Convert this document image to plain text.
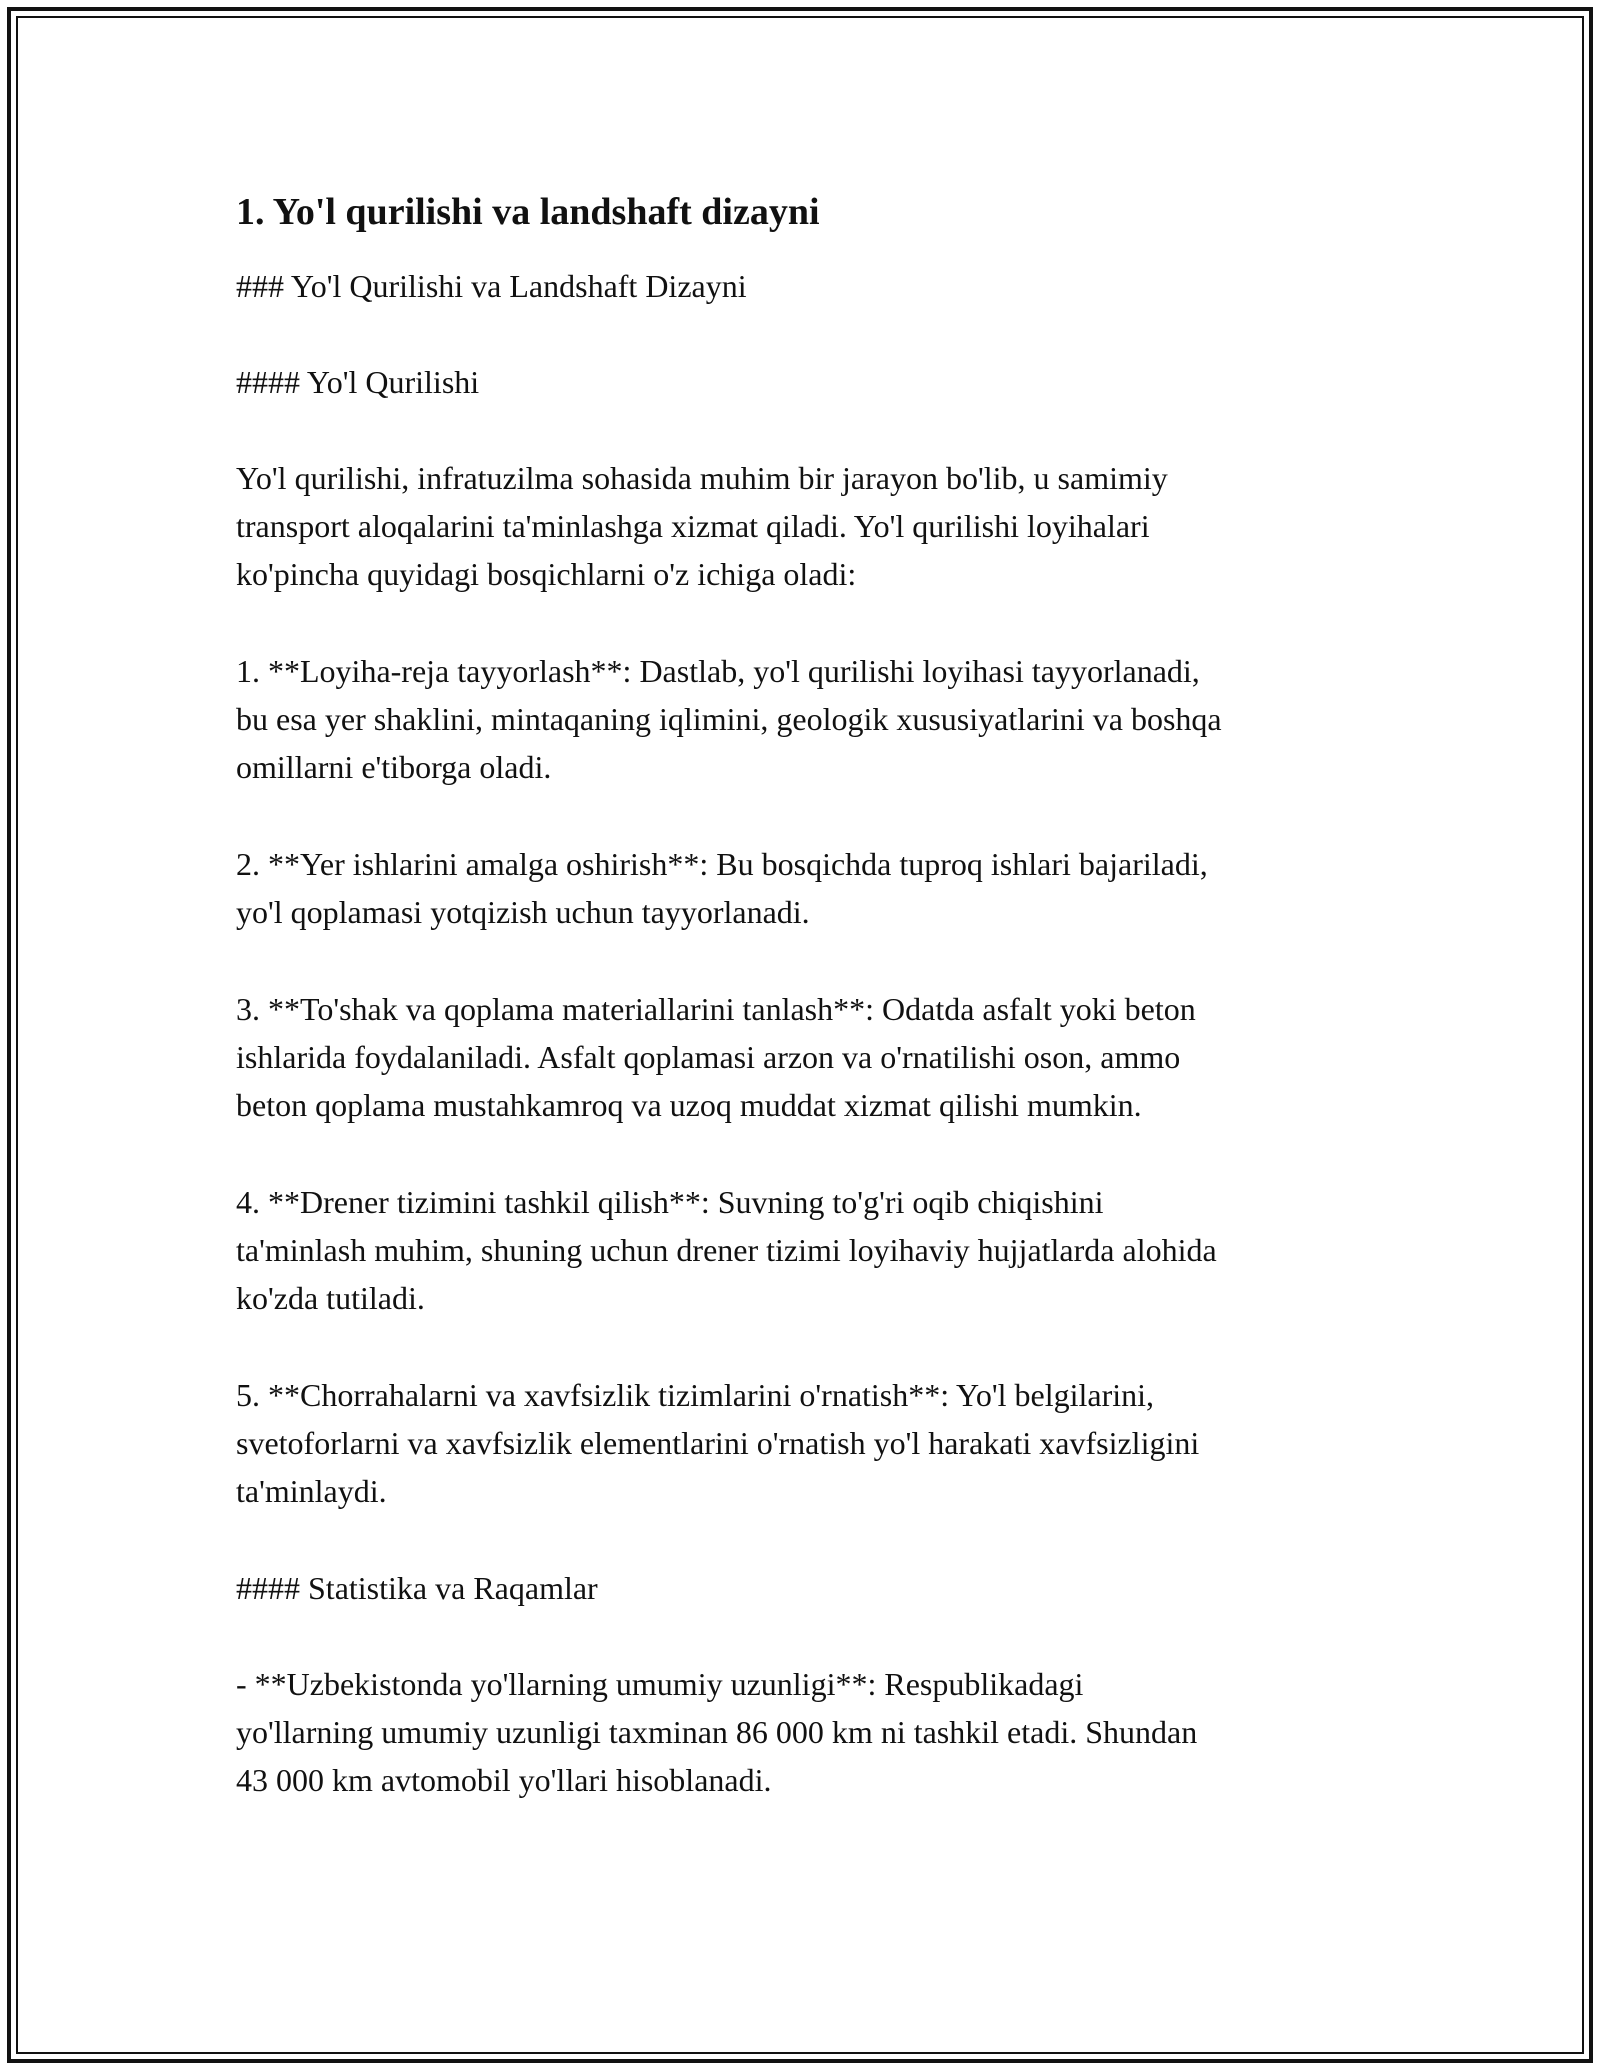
1. Yo'l qurilishi va landshaft dizayni

### Yo'l Qurilishi va Landshaft Dizayni

#### Yo'l Qurilishi

Yo'l qurilishi, infratuzilma sohasida muhim bir jarayon bo'lib, u samimiy
transport aloqalarini ta'minlashga xizmat qiladi. Yo'l qurilishi loyihalari
ko'pincha quyidagi bosqichlarni o'z ichiga oladi:

1. **Loyiha-reja tayyorlash**: Dastlab, yo'l qurilishi loyihasi tayyorlanadi,
bu esa yer shaklini, mintaqaning iqlimini, geologik xususiyatlarini va boshqa
omillarni e'tiborga oladi.

2. **Yer ishlarini amalga oshirish**: Bu bosqichda tuproq ishlari bajariladi,
yo'l qoplamasi yotqizish uchun tayyorlanadi.

3. **To'shak va qoplama materiallarini tanlash**: Odatda asfalt yoki beton
ishlarida foydalaniladi. Asfalt qoplamasi arzon va o'rnatilishi oson, ammo
beton qoplama mustahkamroq va uzoq muddat xizmat qilishi mumkin.

4. **Drener tizimini tashkil qilish**: Suvning to'g'ri oqib chiqishini
ta'minlash muhim, shuning uchun drener tizimi loyihaviy hujjatlarda alohida
ko'zda tutiladi.

5. **Chorrahalarni va xavfsizlik tizimlarini o'rnatish**: Yo'l belgilarini,
svetoforlarni va xavfsizlik elementlarini o'rnatish yo'l harakati xavfsizligini
ta'minlaydi.

#### Statistika va Raqamlar

- **Uzbekistonda yo'llarning umumiy uzunligi**: Respublikadagi
yo'llarning umumiy uzunligi taxminan 86 000 km ni tashkil etadi. Shundan
43 000 km avtomobil yo'llari hisoblanadi.
